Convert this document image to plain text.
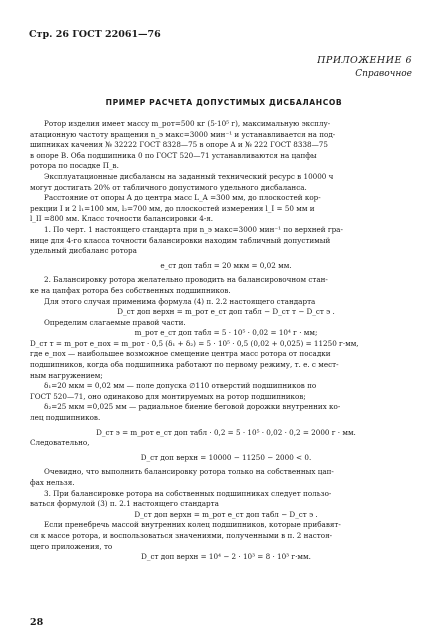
Стр. 26 ГОСТ 22061—76
ПРИЛОЖЕНИЕ 6
Справочное
ПРИМЕР РАСЧЕТА ДОПУСТИМЫХ ДИСБАЛАНСОВ
Ротор изделия имеет массу m_рот=500 кг (5·10⁵ г), максимальную эксплу-
атационную частоту вращения n_э макс=3000 мин⁻¹ и устанавливается на под-
шипниках качения № 32222 ГОСТ 8328—75 в опоре A и № 222 ГОСТ 8338—75
в опоре B. Оба подшипника 0 по ГОСТ 520—71 устанавливаются на цапфы
ротора по посадке П_в.
Эксплуатационные дисбалансы на заданный технический ресурс в 10000 ч
могут достигать 20% от табличного допустимого удельного дисбаланса.
Расстояние от опоры A до центра масс L_A =300 мм, до плоскостей кор-
рекции I и 2 l₁=100 мм, l₂=700 мм, до плоскостей измерения l_I = 50 мм и
l_II =800 мм. Класс точности балансировки 4-я.
1. По черт. 1 настоящего стандарта при n_э макс=3000 мин⁻¹ по верхней гра-
нице для 4-го класса точности балансировки находим табличный допустимый
удельный дисбаланс ротора
e_ст доп табл = 20 мкм = 0,02 мм.
2. Балансировку ротора желательно проводить на балансировочном стан-
ке на цапфах ротора без собственных подшипников.
Для этого случая применима формула (4) п. 2.2 настоящего стандарта
D_ст доп верхн = m_рот e_ст доп табл − D_ст т − D_ст э .
Определим слагаемые правой части.
m_рот e_ст доп табл = 5 · 10⁵ · 0,02 = 10⁴ г · мм;
D_ст т = m_рот e_пох = m_рот · 0,5 (δ₁ + δ₂) = 5 · 10⁵ · 0,5 (0,02 + 0,025) = 11250 г·мм,
где e_пох — наибольшее возможное смещение центра масс ротора от посадки
подшипников, когда оба подшипника работают по первому режиму, т. е. с мест-
ным нагружением;
δ₁=20 мкм = 0,02 мм — поле допуска ∅110 отверстий подшипников по
ГОСТ 520—71, оно одинаково для монтируемых на ротор подшипников;
δ₂=25 мкм =0,025 мм — радиальное биение беговой дорожки внутренних ко-
лец подшипников.
D_ст э = m_рот e_ст доп табл · 0,2 = 5 · 10⁵ · 0,02 · 0,2 = 2000 г · мм.
Следовательно,
D_ст доп верхн = 10000 − 11250 − 2000 < 0.
Очевидно, что выполнить балансировку ротора только на собственных цап-
фах нельзя.
3. При балансировке ротора на собственных подшипниках следует пользо-
ваться формулой (3) п. 2.1 настоящего стандарта
D_ст доп верхн = m_рот e_ст доп табл − D_ст э .
Если пренебречь массой внутренних колец подшипников, которые прибавят-
ся к массе ротора, и воспользоваться значениями, полученными в п. 2 настоя-
щего приложения, то
D_ст доп верхн = 10⁴ − 2 · 10³ = 8 · 10³ г·мм.
28
